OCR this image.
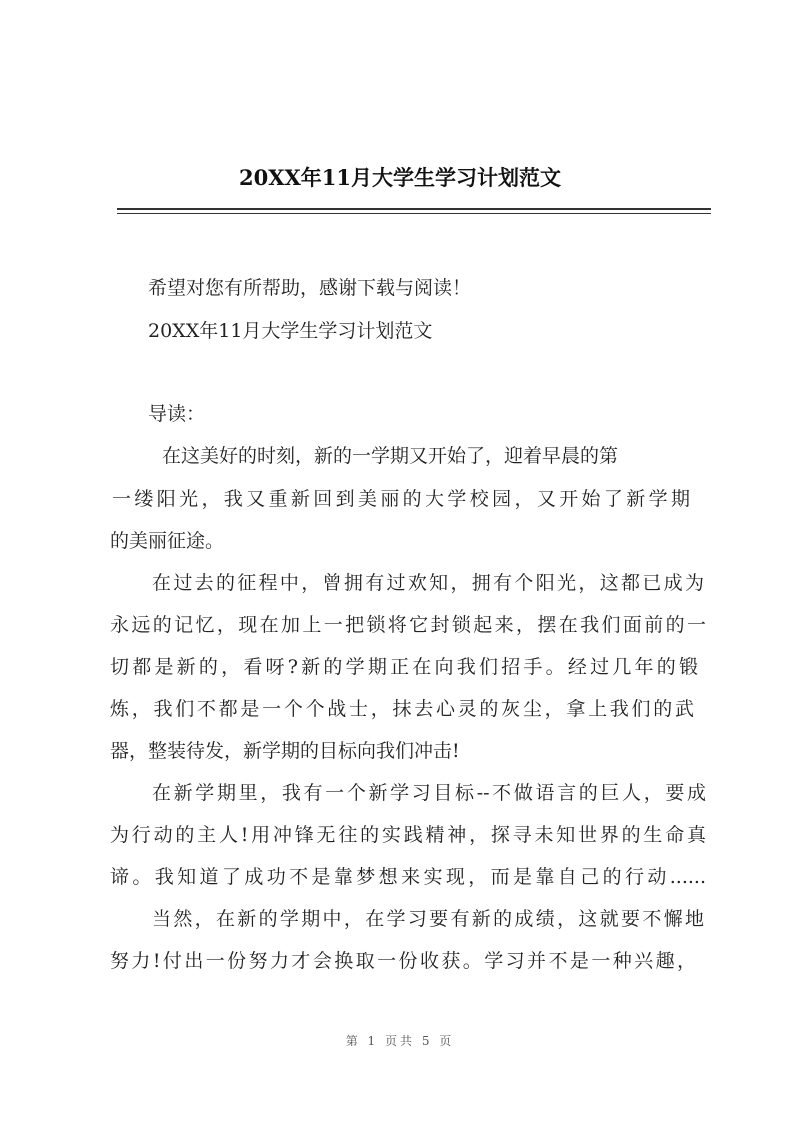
20XX年11月大学生学习计划范文
希望对您有所帮助，感谢下载与阅读！
20XX年11月大学生学习计划范文
导读：
在这美好的时刻，新的一学期又开始了，迎着早晨的第
一缕阳光，我又重新回到美丽的大学校园，又开始了新学期
的美丽征途。
在过去的征程中，曾拥有过欢知，拥有个阳光，这都已成为
永远的记忆，现在加上一把锁将它封锁起来，摆在我们面前的一
切都是新的，看呀?新的学期正在向我们招手。经过几年的锻
炼，我们不都是一个个战士，抹去心灵的灰尘，拿上我们的武
器，整装待发，新学期的目标向我们冲击!
在新学期里，我有一个新学习目标--不做语言的巨人，要成
为行动的主人!用冲锋无往的实践精神，探寻未知世界的生命真
谛。我知道了成功不是靠梦想来实现，而是靠自己的行动......
当然，在新的学期中，在学习要有新的成绩，这就要不懈地
努力!付出一份努力才会换取一份收获。学习并不是一种兴趣，
第 1 页共 5 页
